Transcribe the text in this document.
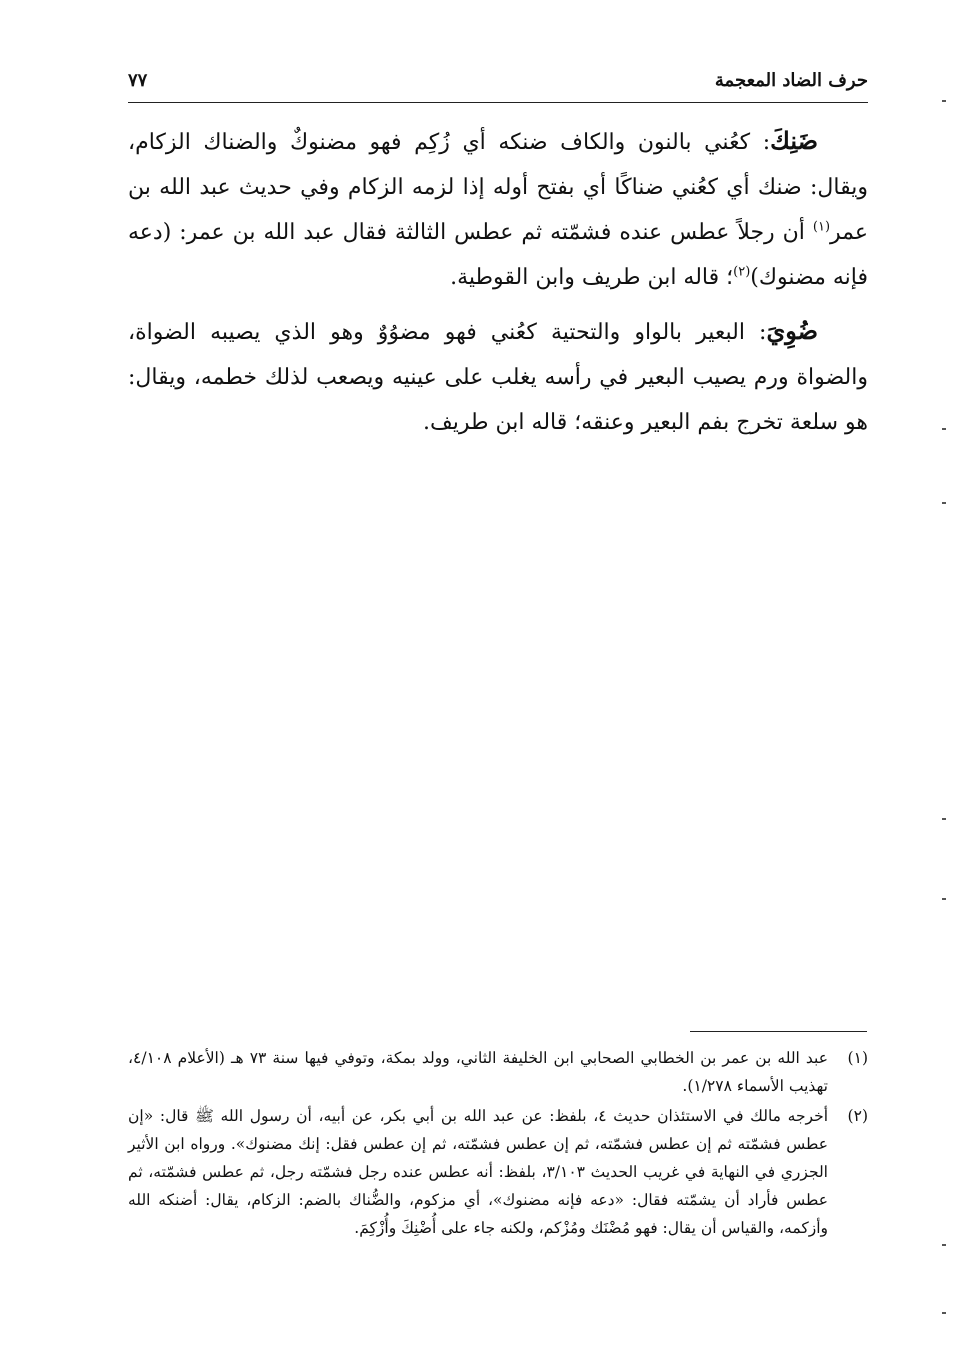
حرف الضاد المعجمة
٧٧

ضَنِكَ: كعُني بالنون والكاف ضنكه أي زُكِم فهو مضنوكٌ والضناك الزكام، ويقال: ضنك أي كعُني ضناكًا أي بفتح أوله إذا لزمه الزكام وفي حديث عبد الله بن عمر$^{(١)}$ أن رجلاً عطس عنده فشمّته ثم عطس الثالثة فقال عبد الله بن عمر: (دعه فإنه مضنوك)$^{(٢)}$؛ قاله ابن طريف وابن القوطية.

ضُوِيَ: البعير بالواو والتحتية كعُني فهو مضوُوٌ وهو الذي يصيبه الضواة، والضواة ورم يصيب البعير في رأسه يغلب على عينيه ويصعب لذلك خطمه، ويقال: هو سلعة تخرج بفم البعير وعنقه؛ قاله ابن طريف.

(١)
عبد الله بن عمر بن الخطابي الصحابي ابن الخليفة الثاني، وولد بمكة، وتوفي فيها سنة ٧٣ هـ (الأعلام ٤/١٠٨، تهذيب الأسماء ١/٢٧٨).
(٢)
أخرجه مالك في الاستئذان حديث ٤، بلفظ: عن عبد الله بن أبي بكر، عن أبيه، أن رسول الله ﷺ قال: «إن عطس فشمّته ثم إن عطس فشمّته، ثم إن عطس فشمّته، ثم إن عطس فقل: إنك مضنوك». ورواه ابن الأثير الجزري في النهاية في غريب الحديث ٣/١٠٣، بلفظ: أنه عطس عنده رجل فشمّته رجل، ثم عطس فشمّته، ثم عطس فأراد أن يشمّته فقال: «دعه فإنه مضنوك»، أي مزكوم، والضُّناك بالضم: الزكام، يقال: أضنكه الله وأزكمه، والقياس أن يقال: فهو مُضْنَك ومُزْكم، ولكنه جاء على أُضْنِكَ وأُزْكِمَ.
